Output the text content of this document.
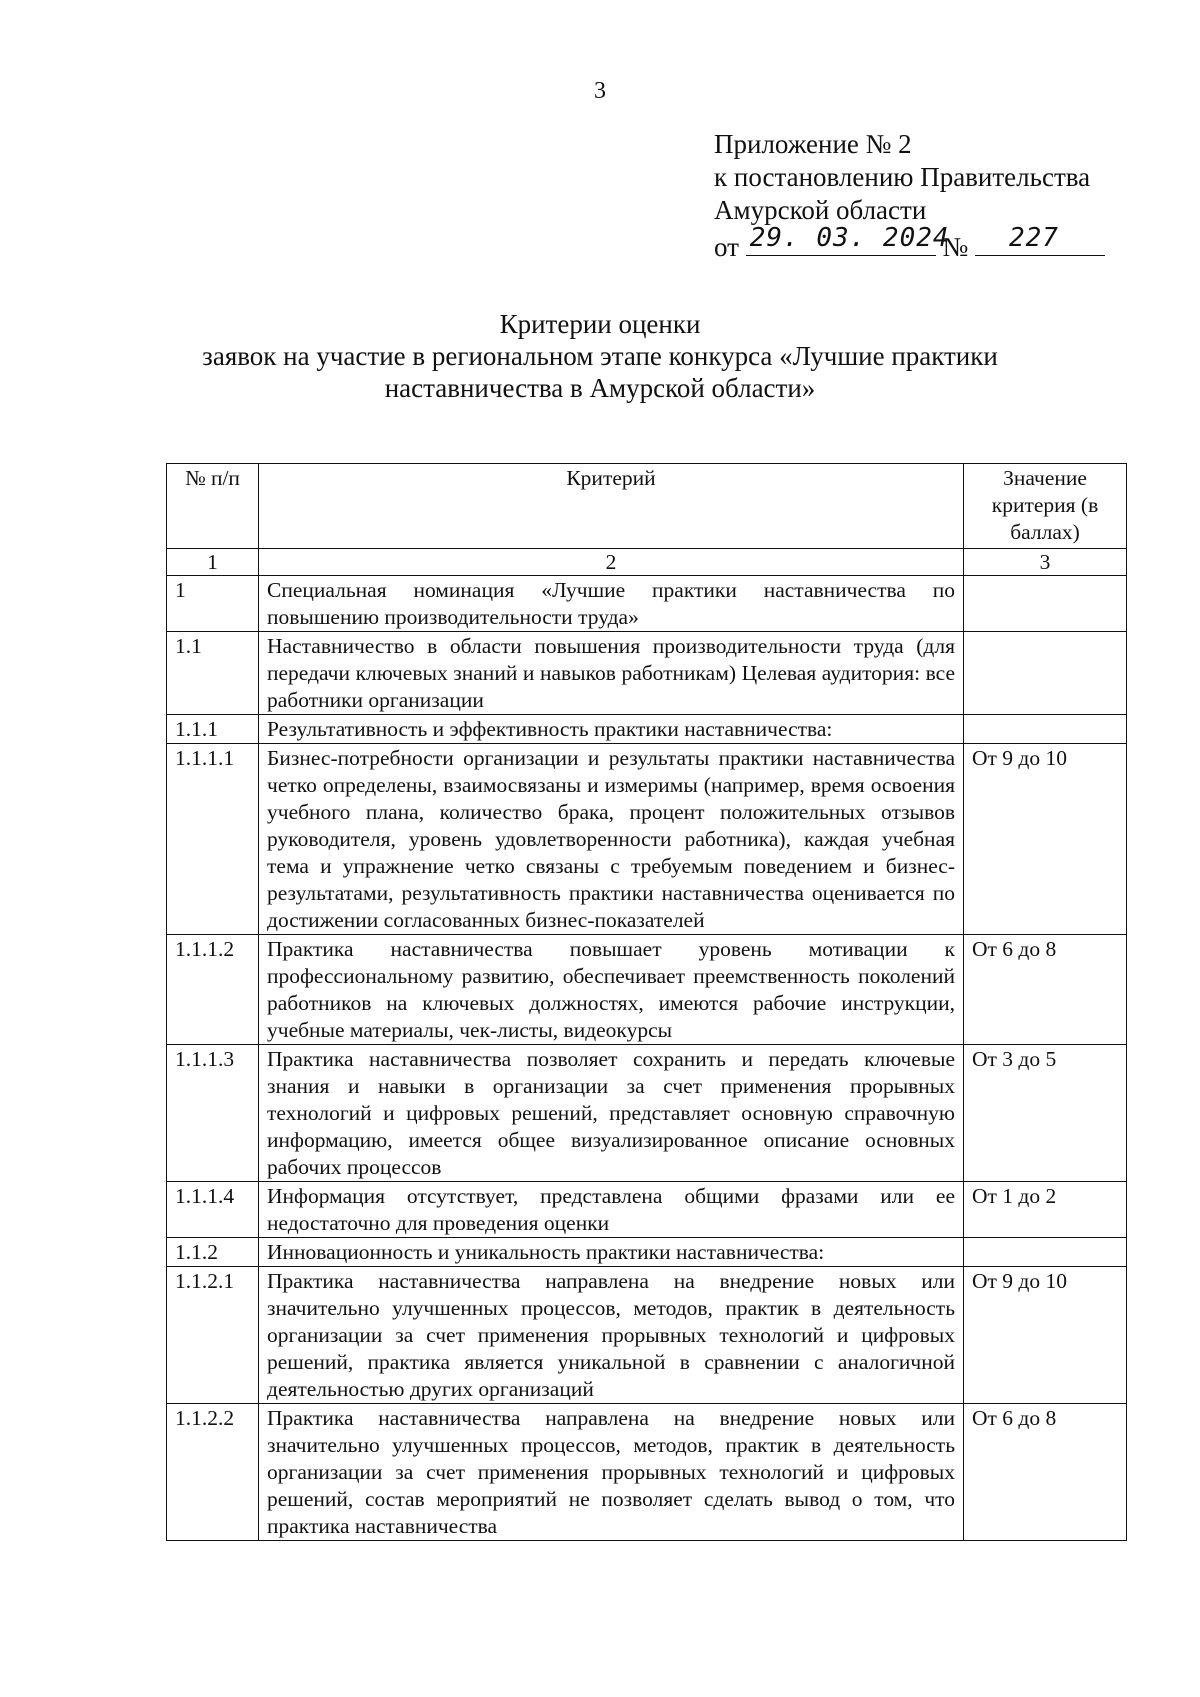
3
Приложение № 2
к постановлению Правительства
Амурской области
от 29. 03. 2024
№ 227
Критерии оценки
заявок на участие в региональном этапе конкурса «Лучшие практики
наставничества в Амурской области»
№ п/п	Критерий	Значение критерия (в баллах)
1	2	3
1	Специальная номинация «Лучшие практики наставничества по повышению производительности труда»	
1.1	Наставничество в области повышения производительности труда (для передачи ключевых знаний и навыков работникам) Целевая аудитория: все работники организации	
1.1.1	Результативность и эффективность практики наставничества:	
1.1.1.1	Бизнес-потребности организации и результаты практики наставничества четко определены, взаимосвязаны и измеримы (например, время освоения учебного плана, количество брака, процент положительных отзывов руководителя, уровень удовлетворенности работника), каждая учебная тема и упражнение четко связаны с требуемым поведением и бизнес-результатами, результативность практики наставничества оценивается по достижении согласованных бизнес-показателей	От 9 до 10
1.1.1.2	Практика наставничества повышает уровень мотивации к профессиональному развитию, обеспечивает преемственность поколений работников на ключевых должностях, имеются рабочие инструкции, учебные материалы, чек-листы, видеокурсы	От 6 до 8
1.1.1.3	Практика наставничества позволяет сохранить и передать ключевые знания и навыки в организации за счет применения прорывных технологий и цифровых решений, представляет основную справочную информацию, имеется общее визуализированное описание основных рабочих процессов	От 3 до 5
1.1.1.4	Информация отсутствует, представлена общими фразами или ее недостаточно для проведения оценки	От 1 до 2
1.1.2	Инновационность и уникальность практики наставничества:	
1.1.2.1	Практика наставничества направлена на внедрение новых или значительно улучшенных процессов, методов, практик в деятельность организации за счет применения прорывных технологий и цифровых решений, практика является уникальной в сравнении с аналогичной деятельностью других организаций	От 9 до 10
1.1.2.2	Практика наставничества направлена на внедрение новых или значительно улучшенных процессов, методов, практик в деятельность организации за счет применения прорывных технологий и цифровых решений, состав мероприятий не позволяет сделать вывод о том, что практика наставничества	От 6 до 8
